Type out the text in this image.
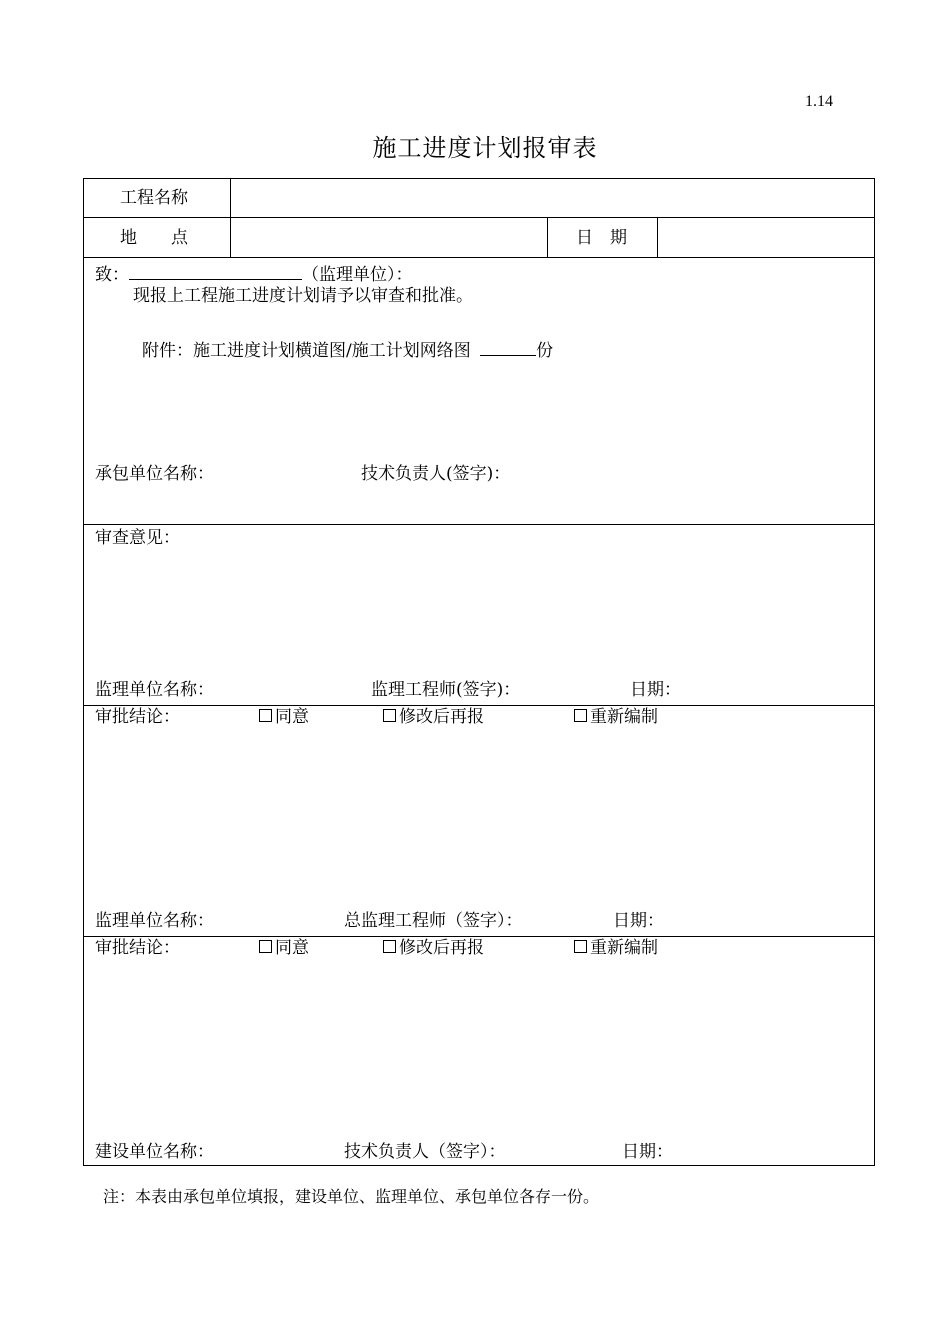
1.14
施工进度计划报审表
工程名称
地　　点	日　期
致：	（监理单位）：
现报上工程施工进度计划请予以审查和批准。
附件：施工进度计划横道图/施工计划网络图	份
承包单位名称：	技术负责人(签字)：
审查意见：
监理单位名称：	监理工程师(签字)：	日期：
审批结论：	同意	修改后再报	重新编制
监理单位名称：	总监理工程师（签字）：	日期：
审批结论：	同意	修改后再报	重新编制
建设单位名称：	技术负责人（签字）：	日期：
注：本表由承包单位填报，建设单位、监理单位、承包单位各存一份。
